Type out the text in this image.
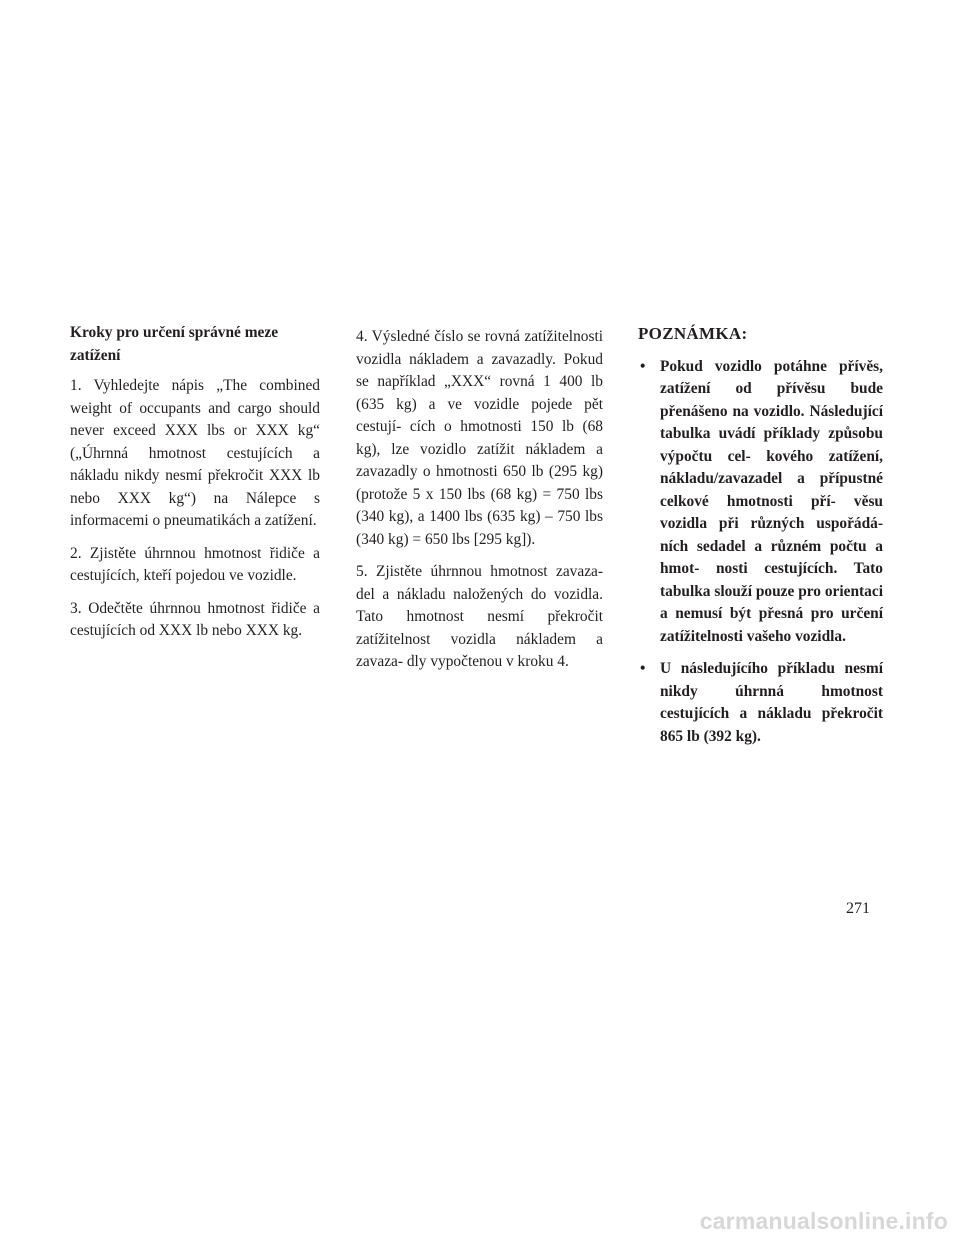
Kroky pro určení správné meze zatížení

1. Vyhledejte nápis „The combined weight of occupants and cargo should never exceed XXX lbs or XXX kg“ („Úhrnná hmotnost cestujících a nákladu nikdy nesmí překročit XXX lb nebo XXX kg“) na Nálepce s informacemi o pneumatikách a zatížení.

2. Zjistěte úhrnnou hmotnost řidiče a cestujících, kteří pojedou ve vozidle.

3. Odečtěte úhrnnou hmotnost řidiče a cestujících od XXX lb nebo XXX kg.

4. Výsledné číslo se rovná zatížitelnosti vozidla nákladem a zavazadly. Pokud se například „XXX“ rovná 1 400 lb (635 kg) a ve vozidle pojede pět cestují- cích o hmotnosti 150 lb (68 kg), lze vozidlo zatížit nákladem a zavazadly o hmotnosti 650 lb (295 kg) (protože 5 x 150 lbs (68 kg) = 750 lbs (340 kg), a 1400 lbs (635 kg) – 750 lbs (340 kg) = 650 lbs [295 kg]).

5. Zjistěte úhrnnou hmotnost zavaza- del a nákladu naložených do vozidla. Tato hmotnost nesmí překročit zatížitelnost vozidla nákladem a zavaza- dly vypočtenou v kroku 4.

POZNÁMKA:

• Pokud vozidlo potáhne přívěs, zatížení od přívěsu bude přenášeno na vozidlo. Následující tabulka uvádí příklady způsobu výpočtu cel- kového zatížení, nákladu/zavazadel a přípustné celkové hmotnosti pří- věsu vozidla při různých uspořádá- ních sedadel a různém počtu a hmot- nosti cestujících. Tato tabulka slouží pouze pro orientaci a nemusí být přesná pro určení zatížitelnosti vašeho vozidla.
• U následujícího příkladu nesmí nikdy úhrnná hmotnost cestujících a nákladu překročit 865 lb (392 kg).
271
carmanualsonline.info
